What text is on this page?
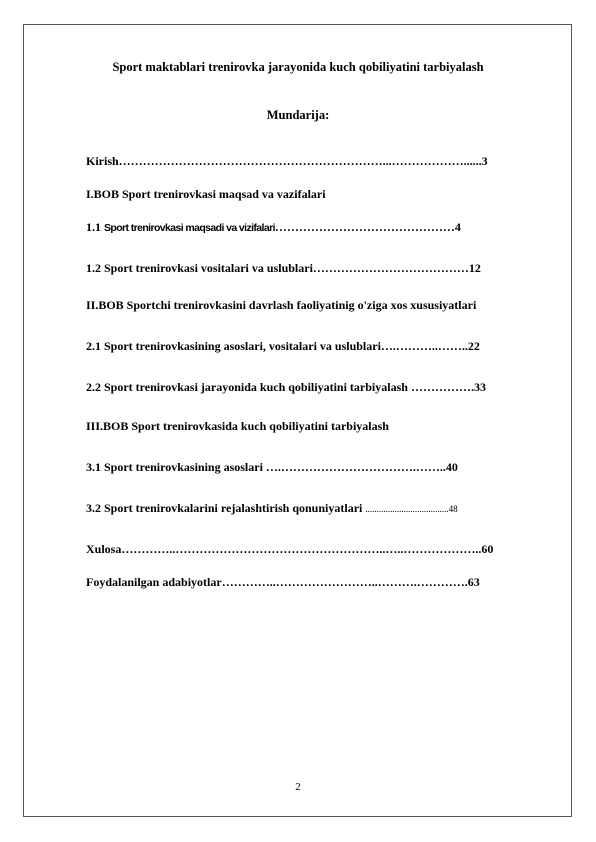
Sport maktablari trenirovka jarayonida kuch qobiliyatini tarbiyalash
Mundarija:
Kirish…………………………………………………………...………………......3
I.BOB Sport trenirovkasi maqsad va vazifalari
1.1 Sport trenirovkasi maqsadi va vizifalari………………………………………4
1.2 Sport trenirovkasi vositalari va uslublari…………………………………12
II.BOB Sportchi trenirovkasini davrlash faoliyatinig o'ziga xos xususiyatlari
2.1 Sport trenirovkasining asoslari, vositalari va uslublari….………..……..22
2.2 Sport trenirovkasi jarayonida kuch qobiliyatini tarbiyalash …………….33
III.BOB Sport trenirovkasida kuch qobiliyatini tarbiyalash
3.1 Sport trenirovkasining asoslari ….…………………………….……..40
3.2 Sport trenirovkalarini rejalashtirish qonuniyatlari .....................................48
Xulosa…………..……………………………………………..…..………………..60
Foydalanilgan adabiyotlar…………..……………………..……….………….63
2
